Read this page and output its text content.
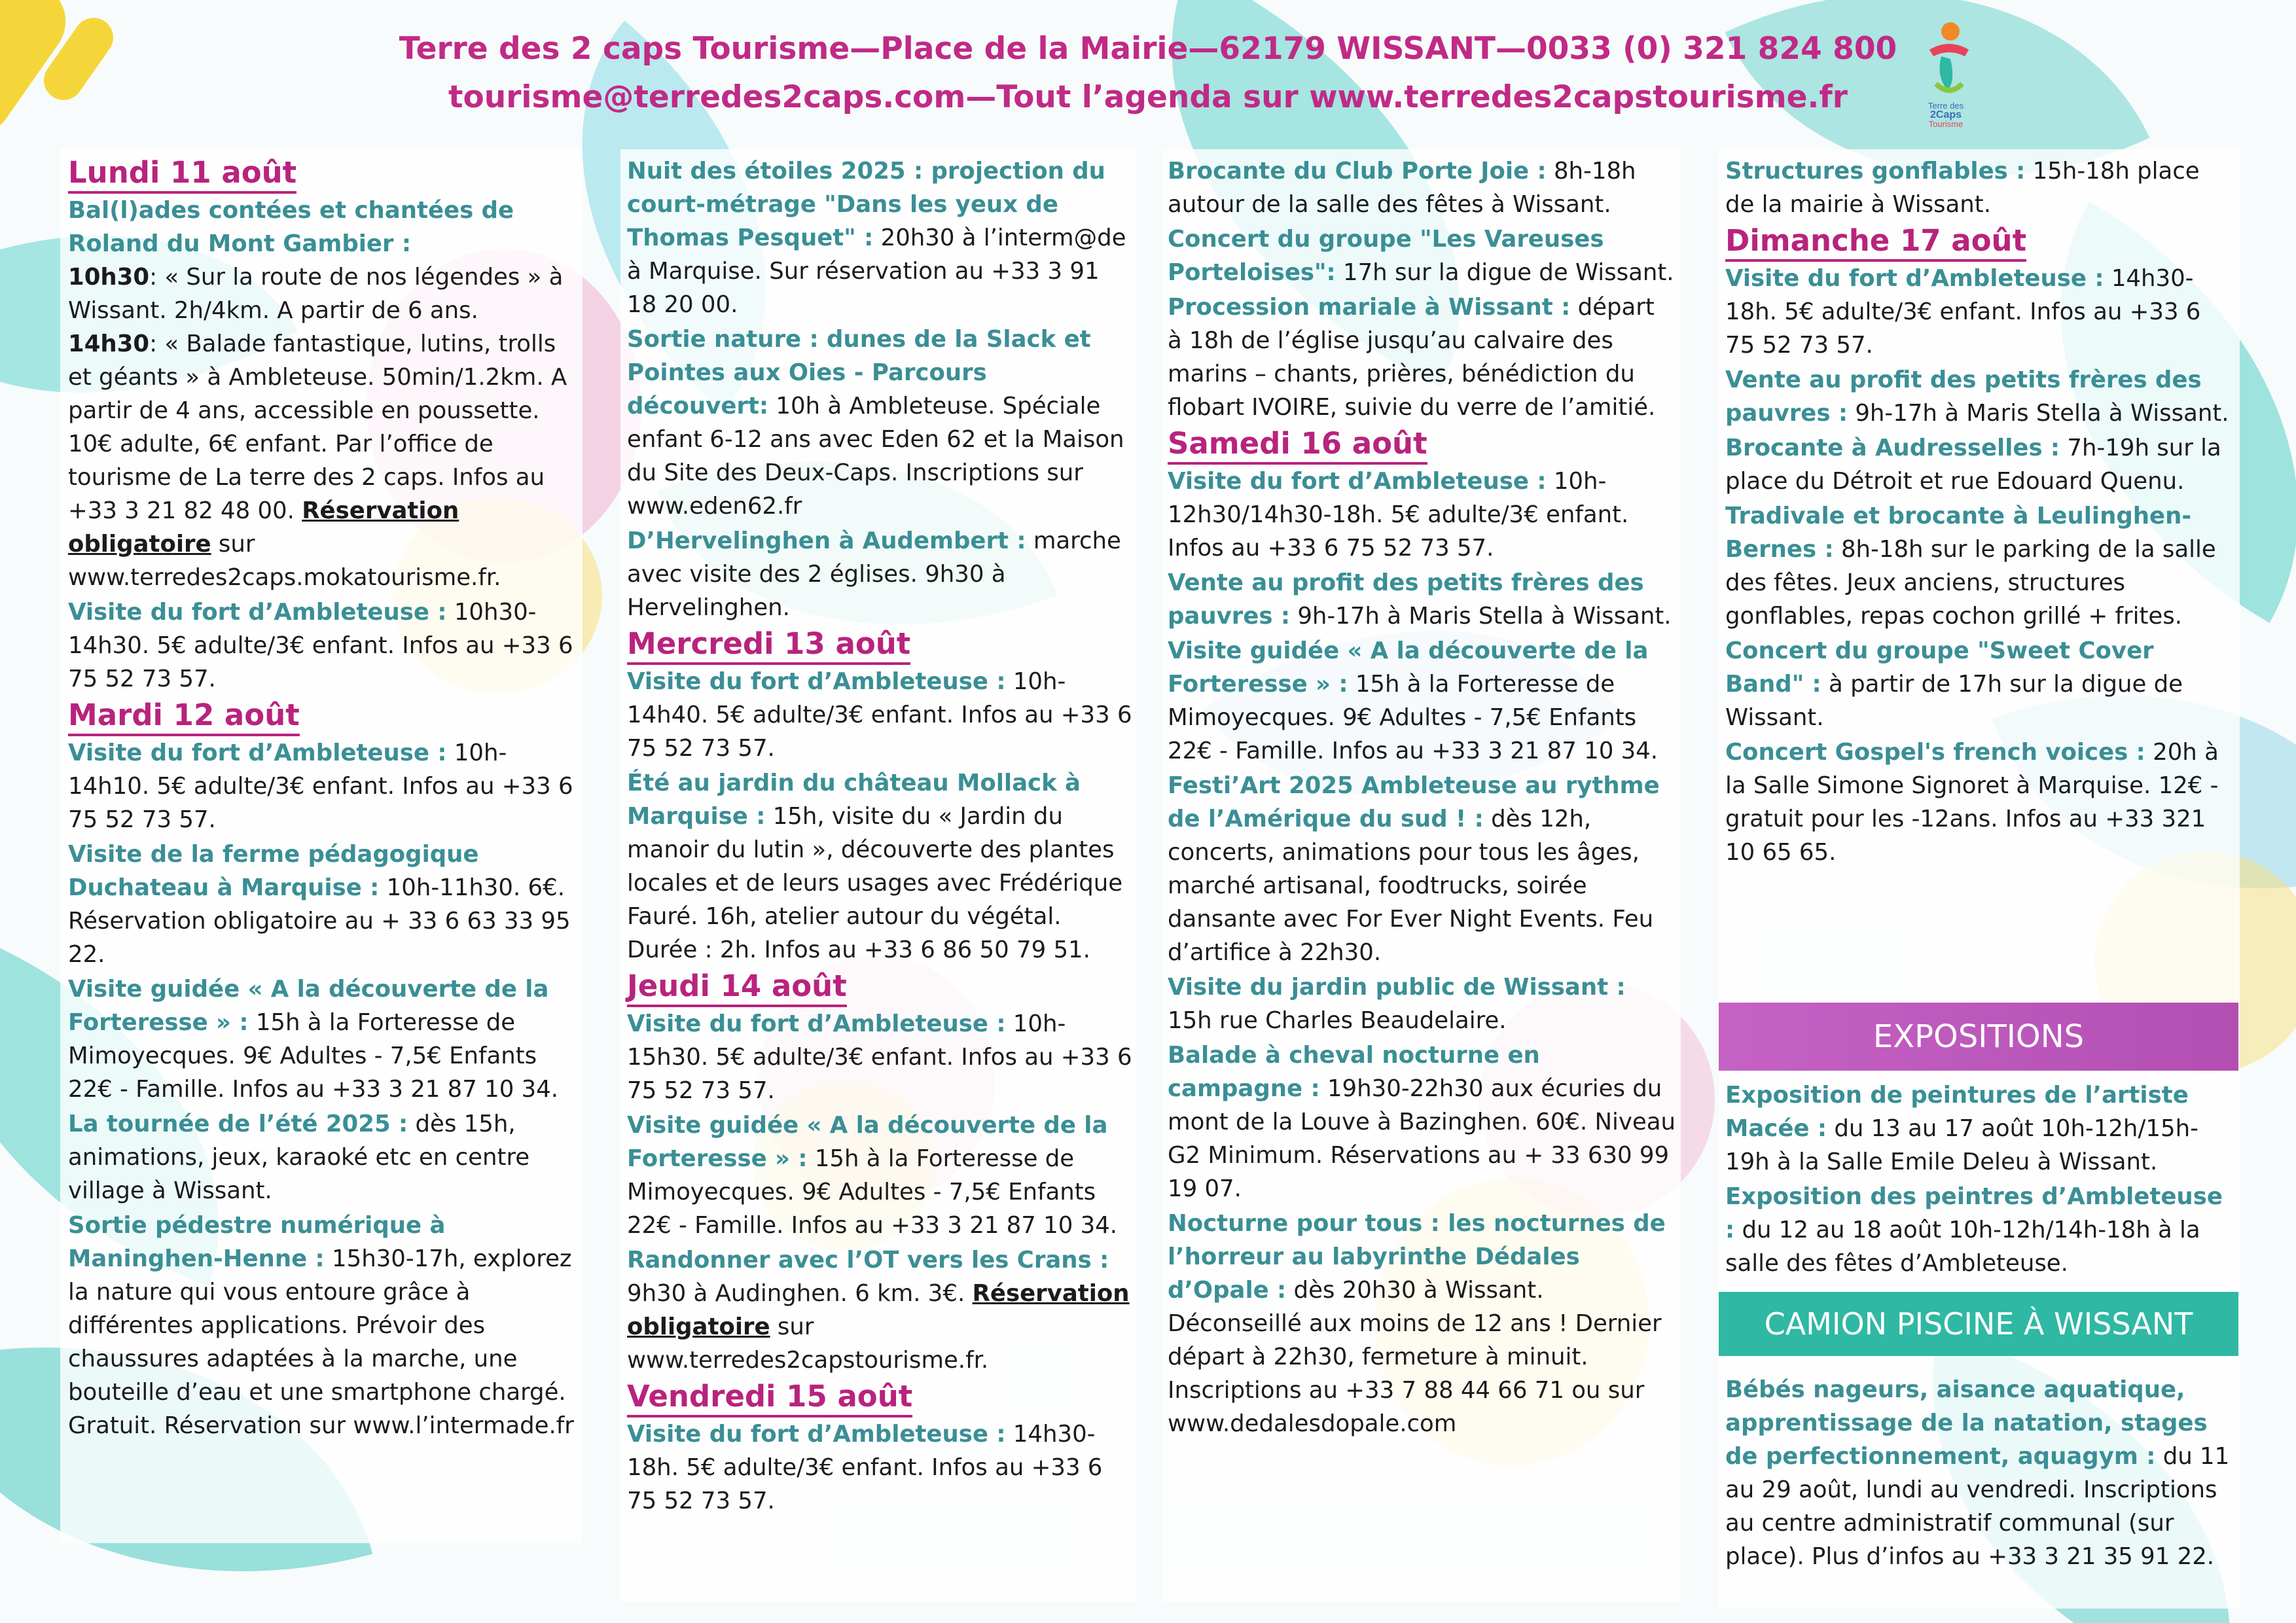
Terre des 2 caps Tourisme—Place de la Mairie—62179 WISSANT—0033 (0) 321 824 800
tourisme@terredes2caps.com—Tout l’agenda sur www.terredes2capstourisme.fr	Terre des
2Caps
Tourisme
Lundi 11 août
Bal(l)ades contées et chantées de Roland du Mont Gambier :
10h30: « Sur la route de nos légendes » à Wissant. 2h/4km. A partir de 6 ans.
14h30: « Balade fantastique, lutins, trolls et géants » à Ambleteuse. 50min/1.2km. A partir de 4 ans, accessible en poussette. 10€ adulte, 6€ enfant. Par l’office de tourisme de La terre des 2 caps. Infos au +33 3 21 82 48 00. Réservation obligatoire sur www.terredes2caps.mokatourisme.fr.
Visite du fort d’Ambleteuse : 10h30-14h30. 5€ adulte/3€ enfant. Infos au +33 6 75 52 73 57.
Mardi 12 août
Visite du fort d’Ambleteuse : 10h-14h10. 5€ adulte/3€ enfant. Infos au +33 6 75 52 73 57.
Visite de la ferme pédagogique Duchateau à Marquise : 10h-11h30. 6€. Réservation obligatoire au + 33 6 63 33 95 22.
Visite guidée « A la découverte de la Forteresse » : 15h à la Forteresse de Mimoyecques. 9€ Adultes - 7,5€ Enfants 22€ - Famille. Infos au +33 3 21 87 10 34.
La tournée de l’été 2025 : dès 15h, animations, jeux, karaoké etc en centre village à Wissant.
Sortie pédestre numérique à Maninghen-Henne : 15h30-17h, explorez la nature qui vous entoure grâce à différentes applications. Prévoir des chaussures adaptées à la marche, une bouteille d’eau et une smartphone chargé. Gratuit. Réservation sur www.l’intermade.fr
Nuit des étoiles 2025 : projection du court-métrage "Dans les yeux de Thomas Pesquet" : 20h30 à l’interm@de à Marquise. Sur réservation au +33 3 91 18 20 00.
Sortie nature : dunes de la Slack et Pointes aux Oies - Parcours découvert: 10h à Ambleteuse. Spéciale enfant 6-12 ans avec Eden 62 et la Maison du Site des Deux-Caps. Inscriptions sur www.eden62.fr
D’Hervelinghen à Audembert : marche avec visite des 2 églises. 9h30 à Hervelinghen.
Mercredi 13 août
Visite du fort d’Ambleteuse : 10h-14h40. 5€ adulte/3€ enfant. Infos au +33 6 75 52 73 57.
Été au jardin du château Mollack à Marquise : 15h, visite du « Jardin du manoir du lutin », découverte des plantes locales et de leurs usages avec Frédérique Fauré. 16h, atelier autour du végétal. Durée : 2h. Infos au +33 6 86 50 79 51.
Jeudi 14 août
Visite du fort d’Ambleteuse : 10h-15h30. 5€ adulte/3€ enfant. Infos au +33 6 75 52 73 57.
Visite guidée « A la découverte de la Forteresse » : 15h à la Forteresse de Mimoyecques. 9€ Adultes - 7,5€ Enfants 22€ - Famille. Infos au +33 3 21 87 10 34.
Randonner avec l’OT vers les Crans : 9h30 à Audinghen. 6 km. 3€. Réservation obligatoire sur www.terredes2capstourisme.fr.
Vendredi 15 août
Visite du fort d’Ambleteuse : 14h30-18h. 5€ adulte/3€ enfant. Infos au +33 6 75 52 73 57.
Brocante du Club Porte Joie : 8h-18h autour de la salle des fêtes à Wissant.
Concert du groupe "Les Vareuses Porteloises": 17h sur la digue de Wissant.
Procession mariale à Wissant : départ à 18h de l’église jusqu’au calvaire des marins – chants, prières, bénédiction du flobart IVOIRE, suivie du verre de l’amitié.
Samedi 16 août
Visite du fort d’Ambleteuse : 10h-12h30/14h30-18h. 5€ adulte/3€ enfant. Infos au +33 6 75 52 73 57.
Vente au profit des petits frères des pauvres : 9h-17h à Maris Stella à Wissant.
Visite guidée « A la découverte de la Forteresse » : 15h à la Forteresse de Mimoyecques. 9€ Adultes - 7,5€ Enfants 22€ - Famille. Infos au +33 3 21 87 10 34.
Festi’Art 2025 Ambleteuse au rythme de l’Amérique du sud ! : dès 12h, concerts, animations pour tous les âges, marché artisanal, foodtrucks, soirée dansante avec For Ever Night Events. Feu d’artifice à 22h30.
Visite du jardin public de Wissant : 15h rue Charles Beaudelaire.
Balade à cheval nocturne en campagne : 19h30-22h30 aux écuries du mont de la Louve à Bazinghen. 60€. Niveau G2 Minimum. Réservations au + 33 630 99 19 07.
Nocturne pour tous : les nocturnes de l’horreur au labyrinthe Dédales d’Opale : dès 20h30 à Wissant. Déconseillé aux moins de 12 ans ! Dernier départ à 22h30, fermeture à minuit. Inscriptions au +33 7 88 44 66 71 ou sur www.dedalesdopale.com
Structures gonflables : 15h-18h place de la mairie à Wissant.
Dimanche 17 août
Visite du fort d’Ambleteuse : 14h30-18h. 5€ adulte/3€ enfant. Infos au +33 6 75 52 73 57.
Vente au profit des petits frères des pauvres : 9h-17h à Maris Stella à Wissant.
Brocante à Audresselles : 7h-19h sur la place du Détroit et rue Edouard Quenu.
Tradivale et brocante à Leulinghen-Bernes : 8h-18h sur le parking de la salle des fêtes. Jeux anciens, structures gonflables, repas cochon grillé + frites.
Concert du groupe "Sweet Cover Band" : à partir de 17h sur la digue de Wissant.
Concert Gospel's french voices : 20h à la Salle Simone Signoret à Marquise. 12€ - gratuit pour les -12ans. Infos au +33 321 10 65 65.
EXPOSITIONS
Exposition de peintures de l’artiste Macée : du 13 au 17 août 10h-12h/15h-19h à la Salle Emile Deleu à Wissant.
Exposition des peintres d’Ambleteuse : du 12 au 18 août 10h-12h/14h-18h à la salle des fêtes d’Ambleteuse.
CAMION PISCINE À WISSANT
Bébés nageurs, aisance aquatique, apprentissage de la natation, stages de perfectionnement, aquagym : du 11 au 29 août, lundi au vendredi. Inscriptions au centre administratif communal (sur place). Plus d’infos au +33 3 21 35 91 22.
